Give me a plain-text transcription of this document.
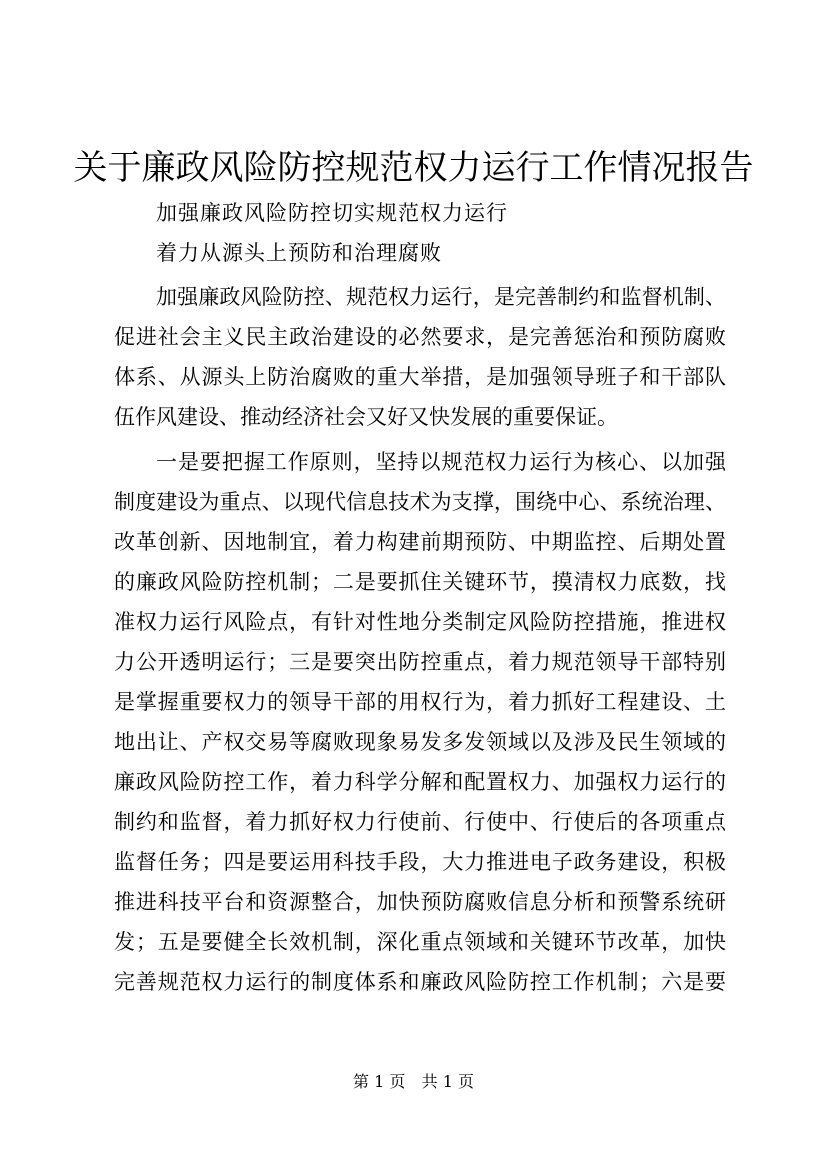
关于廉政风险防控规范权力运行工作情况报告
加强廉政风险防控切实规范权力运行
着力从源头上预防和治理腐败
加强廉政风险防控、规范权力运行，是完善制约和监督机制、
促进社会主义民主政治建设的必然要求，是完善惩治和预防腐败
体系、从源头上防治腐败的重大举措，是加强领导班子和干部队
伍作风建设、推动经济社会又好又快发展的重要保证。
一是要把握工作原则，坚持以规范权力运行为核心、以加强
制度建设为重点、以现代信息技术为支撑，围绕中心、系统治理、
改革创新、因地制宜，着力构建前期预防、中期监控、后期处置
的廉政风险防控机制；二是要抓住关键环节，摸清权力底数，找
准权力运行风险点，有针对性地分类制定风险防控措施，推进权
力公开透明运行；三是要突出防控重点，着力规范领导干部特别
是掌握重要权力的领导干部的用权行为，着力抓好工程建设、土
地出让、产权交易等腐败现象易发多发领域以及涉及民生领域的
廉政风险防控工作，着力科学分解和配置权力、加强权力运行的
制约和监督，着力抓好权力行使前、行使中、行使后的各项重点
监督任务；四是要运用科技手段，大力推进电子政务建设，积极
推进科技平台和资源整合，加快预防腐败信息分析和预警系统研
发；五是要健全长效机制，深化重点领域和关键环节改革，加快
完善规范权力运行的制度体系和廉政风险防控工作机制；六是要
第 1 页 共 1 页
